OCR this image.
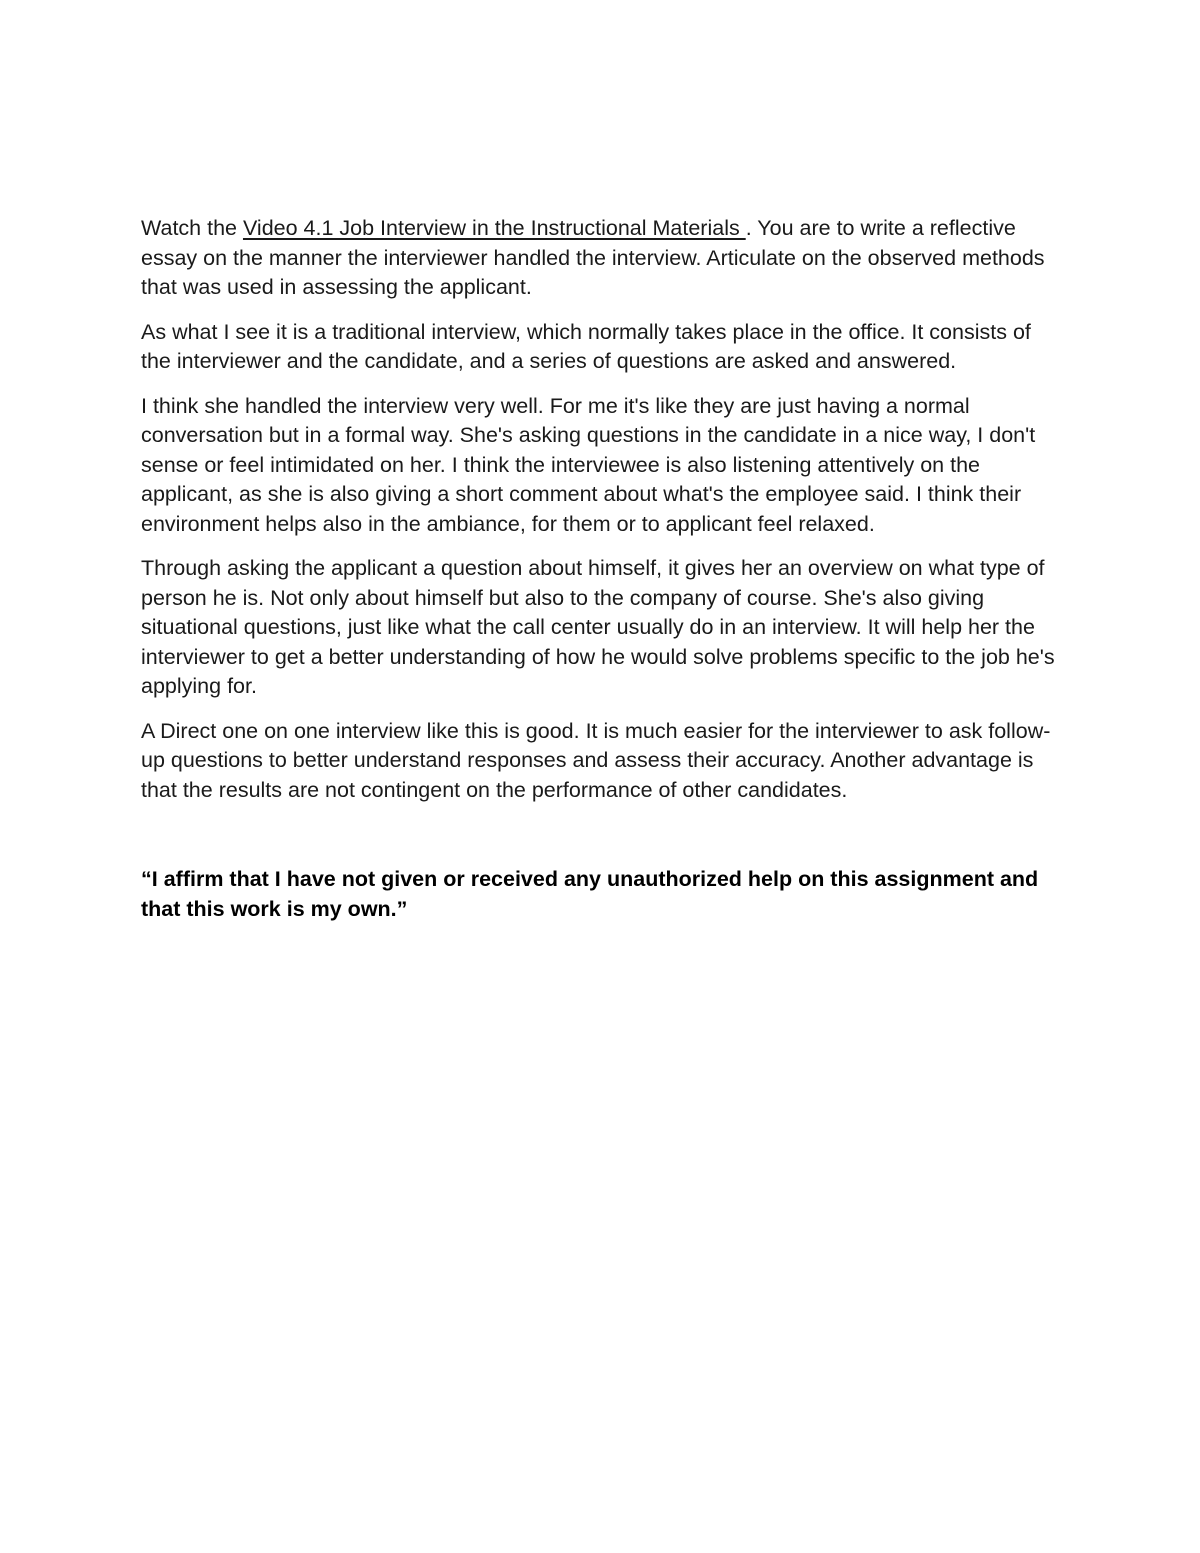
Watch the Video 4.1 Job Interview in the Instructional Materials . You are to write a reflective essay on the manner the interviewer handled the interview. Articulate on the observed methods that was used in assessing the applicant.

As what I see it is a traditional interview, which normally takes place in the office. It consists of the interviewer and the candidate, and a series of questions are asked and answered.

I think she handled the interview very well. For me it's like they are just having a normal conversation but in a formal way. She's asking questions in the candidate in a nice way, I don't sense or feel intimidated on her. I think the interviewee is also listening attentively on the applicant, as she is also giving a short comment about what's the employee said. I think their environment helps also in the ambiance, for them or to applicant feel relaxed.

Through asking the applicant a question about himself, it gives her an overview on what type of person he is. Not only about himself but also to the company of course. She's also giving situational questions, just like what the call center usually do in an interview. It will help her the interviewer to get a better understanding of how he would solve problems specific to the job he's applying for.

A Direct one on one interview like this is good. It is much easier for the interviewer to ask follow-up questions to better understand responses and assess their accuracy. Another advantage is that the results are not contingent on the performance of other candidates.

“I affirm that I have not given or received any unauthorized help on this assignment and that this work is my own.”
